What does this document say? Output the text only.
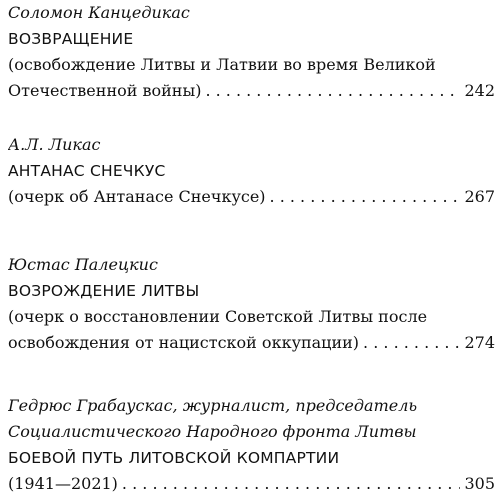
Соломон Канцедикас
ВОЗВРАЩЕНИЕ
(освобождение Литвы и Латвии во время Великой
Отечественной войны) . . .	242
А.Л. Ликас
АНТАНАС СНЕЧКУС
(очерк об Антанасе Снечкусе) . . .	267
Юстас Палецкис
ВОЗРОЖДЕНИЕ ЛИТВЫ
(очерк о восстановлении Советской Литвы после
освобождения от нацистской оккупации) . . .	274
Гедрюс Грабаускас, журналист, председатель
Социалистического Народного фронта Литвы
БОЕВОЙ ПУТЬ ЛИТОВСКОЙ КОМПАРТИИ
(1941—2021) . . .	305
